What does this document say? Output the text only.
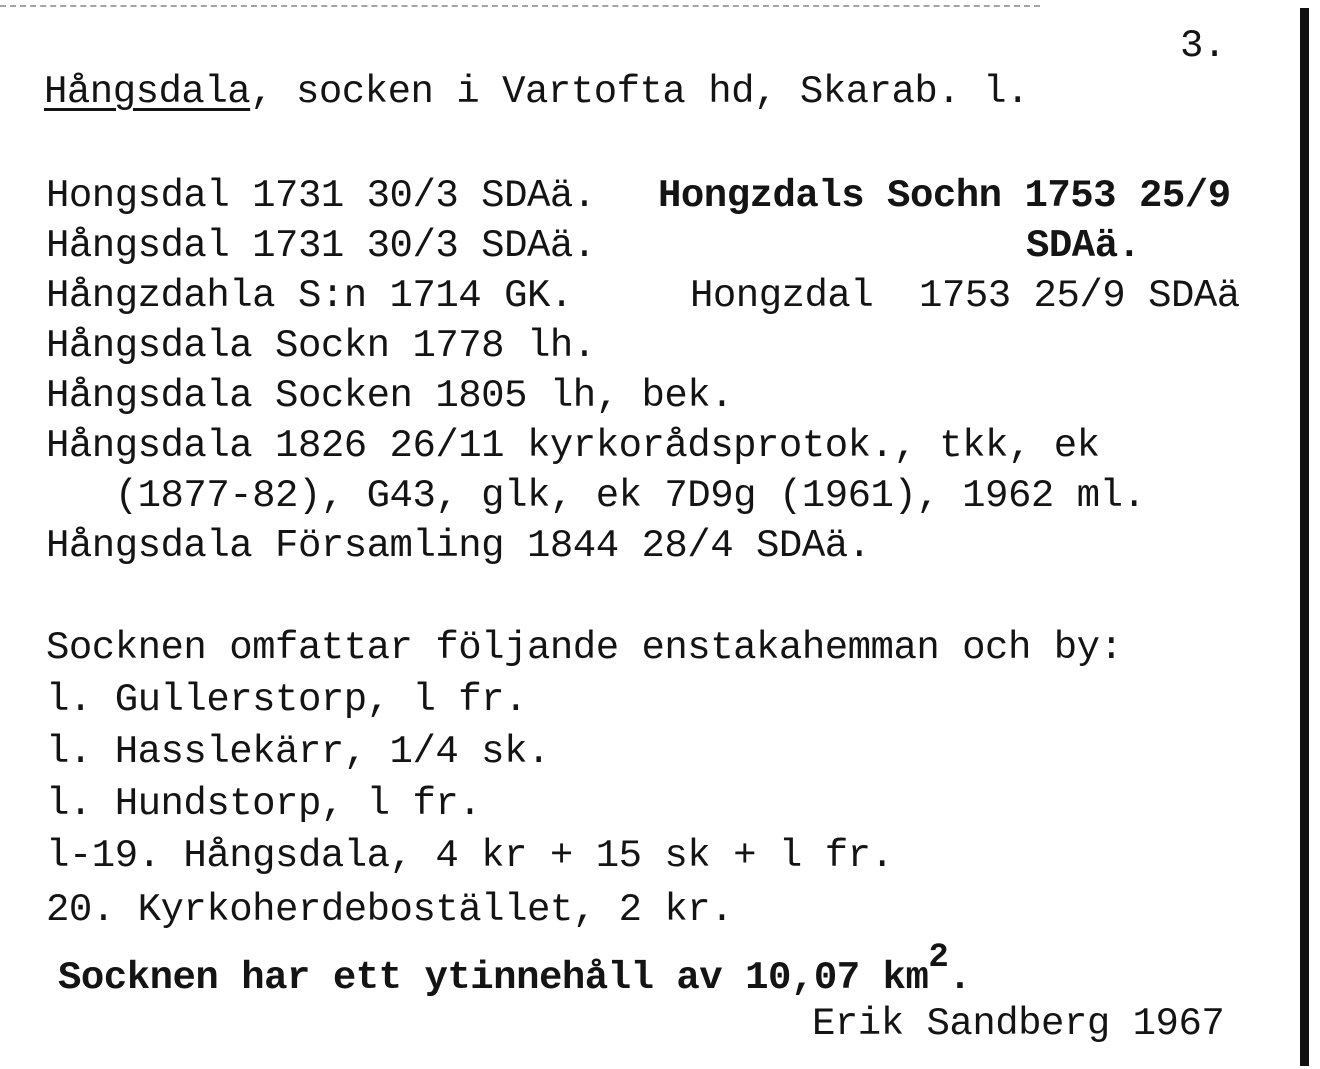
3.
Hångsdala, socken i Vartofta hd, Skarab. l.
Hongsdal 1731 30/3 SDAä. Hongzdals Sochn 1753 25/9
Hångsdal 1731 30/3 SDAä.	SDAä.
Hångzdahla S:n 1714 GK.	Hongzdal  1753 25/9 SDAä
Hångsdala Sockn 1778 lh.
Hångsdala Socken 1805 lh, bek.
Hångsdala 1826 26/11 kyrkorådsprotok., tkk, ek
(1877-82), G43, glk, ek 7D9g (1961), 1962 ml.
Hångsdala Församling 1844 28/4 SDAä.
Socknen omfattar följande enstakahemman och by:
l. Gullerstorp, l fr.
l. Hasslekärr, 1/4 sk.
l. Hundstorp, l fr.
l-19. Hångsdala, 4 kr + 15 sk + l fr.
20. Kyrkoherdebostället, 2 kr.
Socknen har ett ytinnehåll av 10,07 km2.
Erik Sandberg 1967
